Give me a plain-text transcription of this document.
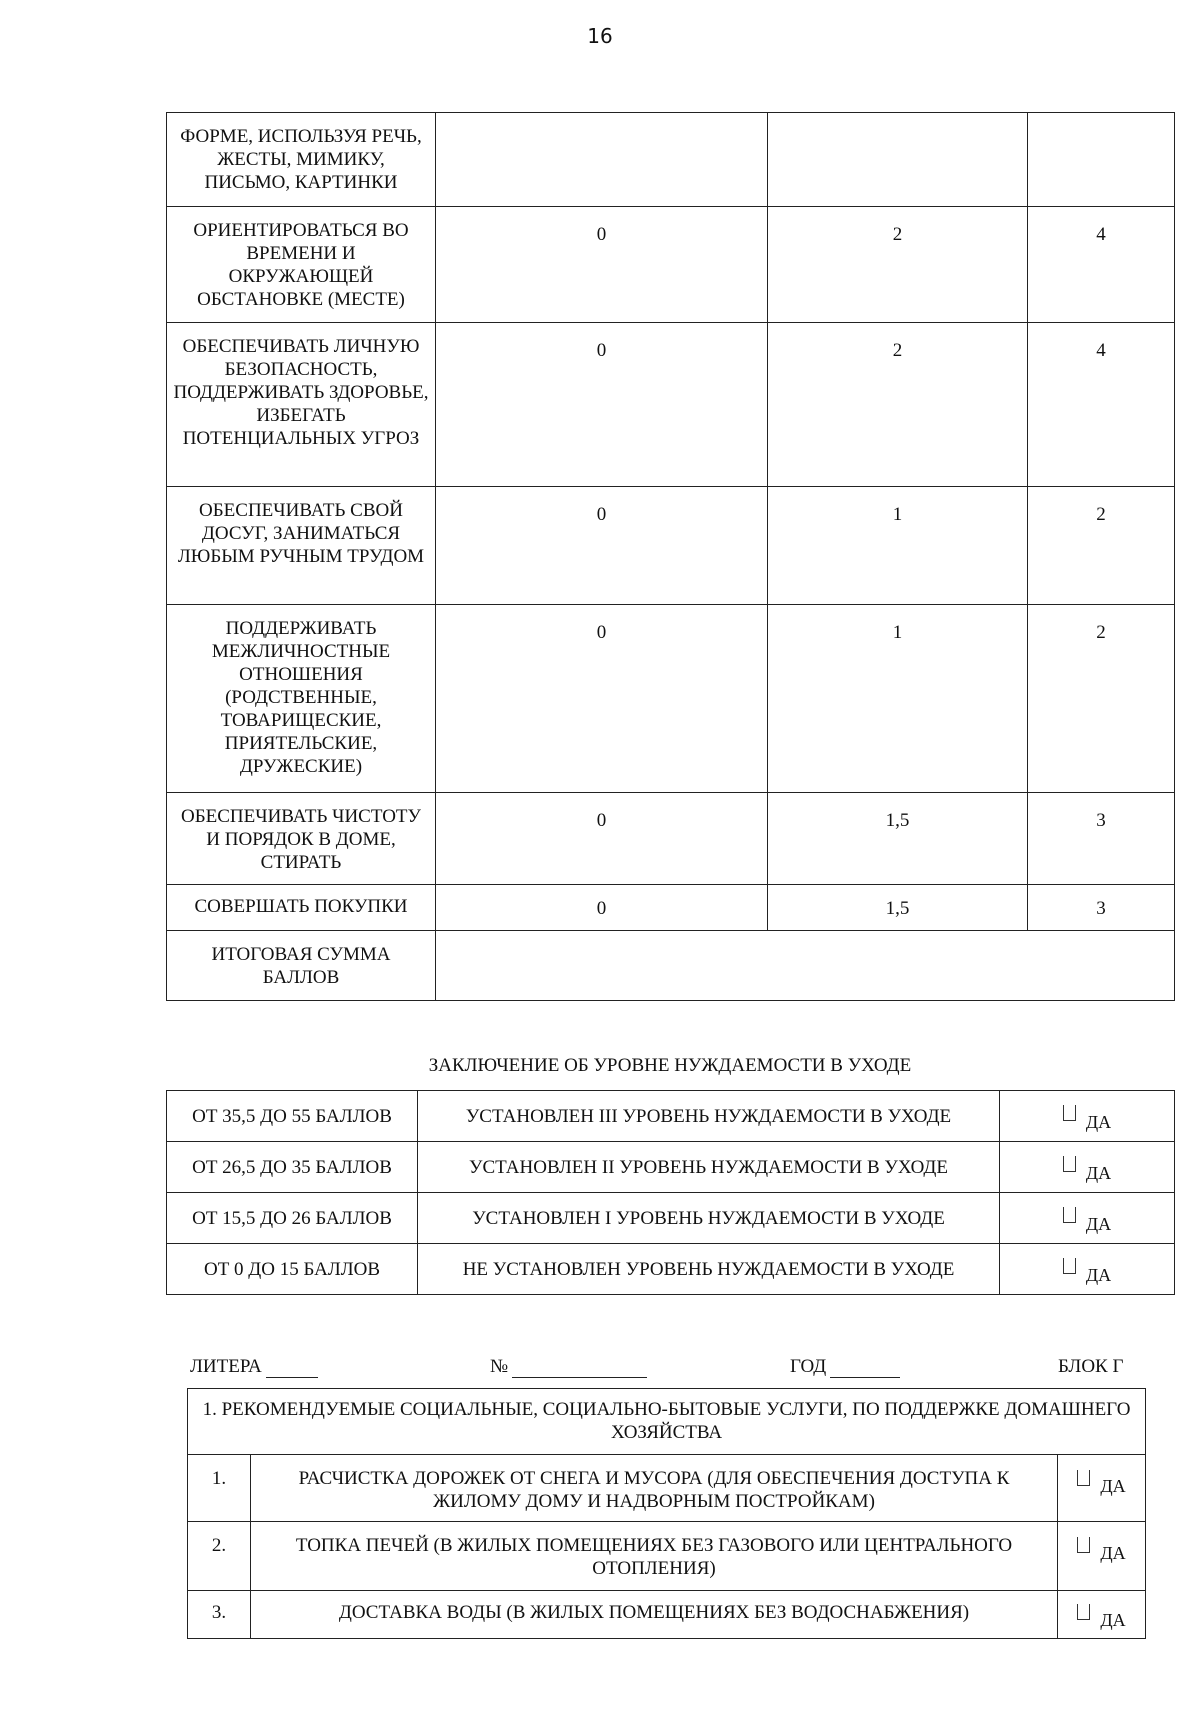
16
ФОРМЕ, ИСПОЛЬЗУЯ РЕЧЬ, ЖЕСТЫ, МИМИКУ, ПИСЬМО, КАРТИНКИ			
ОРИЕНТИРОВАТЬСЯ ВО ВРЕМЕНИ И ОКРУЖАЮЩЕЙ ОБСТАНОВКЕ (МЕСТЕ)	0	2	4
ОБЕСПЕЧИВАТЬ ЛИЧНУЮ БЕЗОПАСНОСТЬ, ПОДДЕРЖИВАТЬ ЗДОРОВЬЕ, ИЗБЕГАТЬ ПОТЕНЦИАЛЬНЫХ УГРОЗ	0	2	4
ОБЕСПЕЧИВАТЬ СВОЙ ДОСУГ, ЗАНИМАТЬСЯ ЛЮБЫМ РУЧНЫМ ТРУДОМ	0	1	2
ПОДДЕРЖИВАТЬ МЕЖЛИЧНОСТНЫЕ ОТНОШЕНИЯ (РОДСТВЕННЫЕ, ТОВАРИЩЕСКИЕ, ПРИЯТЕЛЬСКИЕ, ДРУЖЕСКИЕ)	0	1	2
ОБЕСПЕЧИВАТЬ ЧИСТОТУ И ПОРЯДОК В ДОМЕ, СТИРАТЬ	0	1,5	3
СОВЕРШАТЬ ПОКУПКИ	0	1,5	3
ИТОГОВАЯ СУММА БАЛЛОВ			
ЗАКЛЮЧЕНИЕ ОБ УРОВНЕ НУЖДАЕМОСТИ В УХОДЕ
ОТ 35,5 ДО 55 БАЛЛОВ	УСТАНОВЛЕН III УРОВЕНЬ НУЖДАЕМОСТИ В УХОДЕ	ДА
ОТ 26,5 ДО 35 БАЛЛОВ	УСТАНОВЛЕН II УРОВЕНЬ НУЖДАЕМОСТИ В УХОДЕ	ДА
ОТ 15,5 ДО 26 БАЛЛОВ	УСТАНОВЛЕН I УРОВЕНЬ НУЖДАЕМОСТИ В УХОДЕ	ДА
ОТ 0 ДО 15 БАЛЛОВ	НЕ УСТАНОВЛЕН УРОВЕНЬ НУЖДАЕМОСТИ В УХОДЕ	ДА
ЛИТЕРА	№	ГОД	БЛОК Г
1. РЕКОМЕНДУЕМЫЕ СОЦИАЛЬНЫЕ, СОЦИАЛЬНО-БЫТОВЫЕ УСЛУГИ, ПО ПОДДЕРЖКЕ ДОМАШНЕГО ХОЗЯЙСТВА		
1.	РАСЧИСТКА ДОРОЖЕК ОТ СНЕГА И МУСОРА (ДЛЯ ОБЕСПЕЧЕНИЯ ДОСТУПА К ЖИЛОМУ ДОМУ И НАДВОРНЫМ ПОСТРОЙКАМ)	ДА
2.	ТОПКА ПЕЧЕЙ (В ЖИЛЫХ ПОМЕЩЕНИЯХ БЕЗ ГАЗОВОГО ИЛИ ЦЕНТРАЛЬНОГО ОТОПЛЕНИЯ)	ДА
3.	ДОСТАВКА ВОДЫ (В ЖИЛЫХ ПОМЕЩЕНИЯХ БЕЗ ВОДОСНАБЖЕНИЯ)	ДА
